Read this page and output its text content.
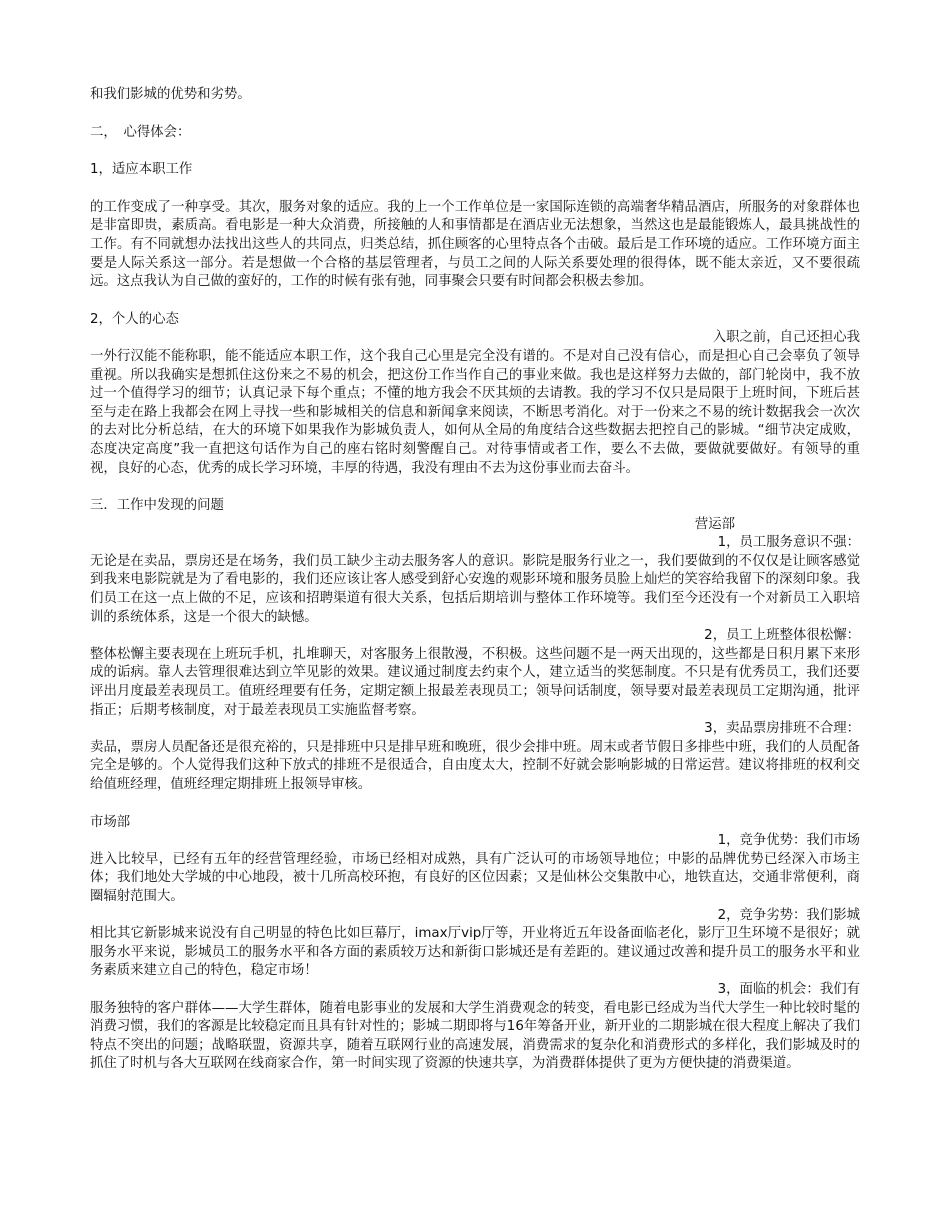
和我们影城的优势和劣势。

二，　心得体会：

1，适应本职工作

的工作变成了一种享受。其次，服务对象的适应。我的上一个工作单位是一家国际连锁的高端奢华精品酒店，所服务的对象群体也是非富即贵，素质高。看电影是一种大众消费，所接触的人和事情都是在酒店业无法想象，当然这也是最能锻炼人，最具挑战性的工作。有不同就想办法找出这些人的共同点，归类总结，抓住顾客的心里特点各个击破。最后是工作环境的适应。工作环境方面主要是人际关系这一部分。若是想做一个合格的基层管理者，与员工之间的人际关系要处理的很得体，既不能太亲近，又不要很疏远。这点我认为自己做的蛮好的，工作的时候有张有弛，同事聚会只要有时间都会积极去参加。

2，个人的心态

入职之前，自己还担心我

一外行汉能不能称职，能不能适应本职工作，这个我自己心里是完全没有谱的。不是对自己没有信心，而是担心自己会辜负了领导重视。所以我确实是想抓住这份来之不易的机会，把这份工作当作自己的事业来做。我也是这样努力去做的，部门轮岗中，我不放过一个值得学习的细节；认真记录下每个重点；不懂的地方我会不厌其烦的去请教。我的学习不仅只是局限于上班时间，下班后甚至与走在路上我都会在网上寻找一些和影城相关的信息和新闻拿来阅读，不断思考消化。对于一份来之不易的统计数据我会一次次的去对比分析总结，在大的环境下如果我作为影城负责人，如何从全局的角度结合这些数据去把控自己的影城。“细节决定成败，态度决定高度”我一直把这句话作为自己的座右铭时刻警醒自己。对待事情或者工作，要么不去做，要做就要做好。有领导的重视，良好的心态，优秀的成长学习环境，丰厚的待遇，我没有理由不去为这份事业而去奋斗。

三．工作中发现的问题

营运部

1，员工服务意识不强：

无论是在卖品，票房还是在场务，我们员工缺少主动去服务客人的意识。影院是服务行业之一，我们要做到的不仅仅是让顾客感觉到我来电影院就是为了看电影的，我们还应该让客人感受到舒心安逸的观影环境和服务员脸上灿烂的笑容给我留下的深刻印象。我们员工在这一点上做的不足，应该和招聘渠道有很大关系，包括后期培训与整体工作环境等。我们至今还没有一个对新员工入职培训的系统体系，这是一个很大的缺憾。

2，员工上班整体很松懈：

整体松懈主要表现在上班玩手机，扎堆聊天，对客服务上很散漫，不积极。这些问题不是一两天出现的，这些都是日积月累下来形成的诟病。靠人去管理很难达到立竿见影的效果。建议通过制度去约束个人，建立适当的奖惩制度。不只是有优秀员工，我们还要评出月度最差表现员工。值班经理要有任务，定期定额上报最差表现员工；领导问话制度，领导要对最差表现员工定期沟通，批评指正；后期考核制度，对于最差表现员工实施监督考察。

3，卖品票房排班不合理：

卖品，票房人员配备还是很充裕的，只是排班中只是排早班和晚班，很少会排中班。周末或者节假日多排些中班，我们的人员配备完全是够的。个人觉得我们这种下放式的排班不是很适合，自由度太大，控制不好就会影响影城的日常运营。建议将排班的权利交给值班经理，值班经理定期排班上报领导审核。

市场部

1，竞争优势：我们市场

进入比较早，已经有五年的经营管理经验，市场已经相对成熟，具有广泛认可的市场领导地位；中影的品牌优势已经深入市场主体；我们地处大学城的中心地段，被十几所高校环抱，有良好的区位因素；又是仙林公交集散中心，地铁直达，交通非常便利，商圈辐射范围大。

2，竞争劣势：我们影城

相比其它新影城来说没有自己明显的特色比如巨幕厅，imax厅vip厅等，开业将近五年设备面临老化，影厅卫生环境不是很好；就服务水平来说，影城员工的服务水平和各方面的素质较万达和新街口影城还是有差距的。建议通过改善和提升员工的服务水平和业务素质来建立自己的特色，稳定市场！

3，面临的机会：我们有

服务独特的客户群体——大学生群体，随着电影事业的发展和大学生消费观念的转变，看电影已经成为当代大学生一种比较时髦的消费习惯，我们的客源是比较稳定而且具有针对性的；影城二期即将与16年筹备开业，新开业的二期影城在很大程度上解决了我们特点不突出的问题；战略联盟，资源共享，随着互联网行业的高速发展，消费需求的复杂化和消费形式的多样化，我们影城及时的抓住了时机与各大互联网在线商家合作，第一时间实现了资源的快速共享，为消费群体提供了更为方便快捷的消费渠道。
